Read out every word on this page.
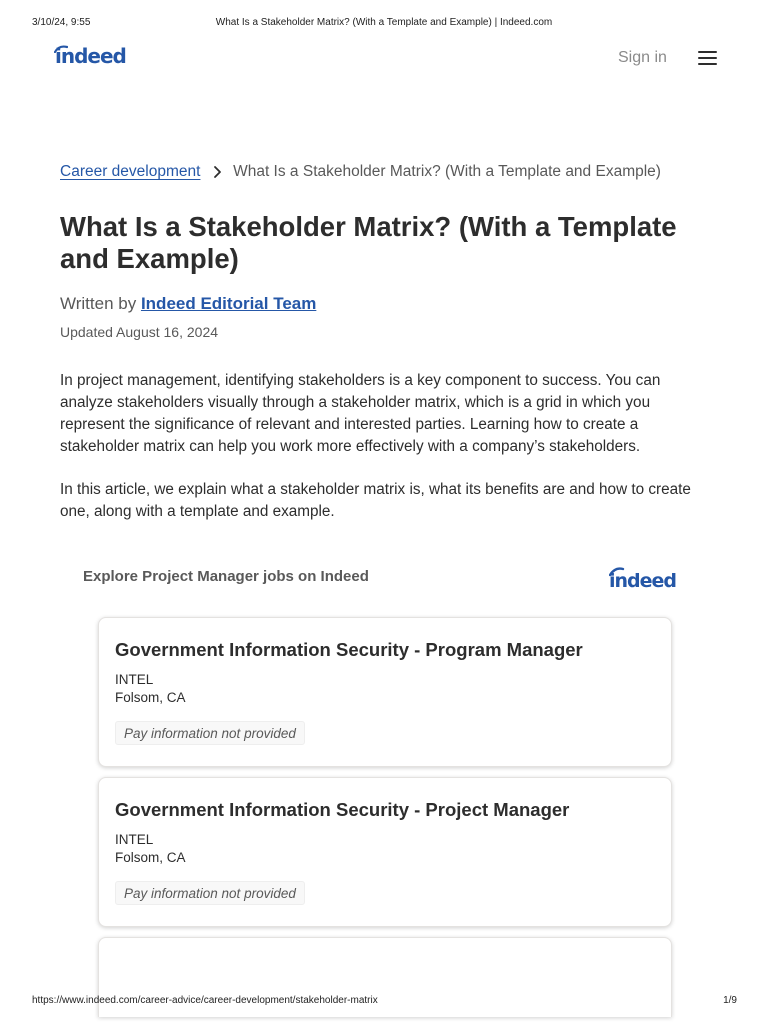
3/10/24, 9:55	What Is a Stakeholder Matrix? (With a Template and Example) | Indeed.com
indeed	Sign in
Career development What Is a Stakeholder Matrix? (With a Template and Example)
What Is a Stakeholder Matrix? (With a Template and Example)
Written by Indeed Editorial Team
Updated August 16, 2024

In project management, identifying stakeholders is a key component to success. You can analyze stakeholders visually through a stakeholder matrix, which is a grid in which you represent the significance of relevant and interested parties. Learning how to create a stakeholder matrix can help you work more effectively with a company’s stakeholders.

In this article, we explain what a stakeholder matrix is, what its benefits are and how to create one, along with a template and example.

Explore Project Manager jobs on Indeed	indeed
Government Information Security - Program Manager
INTEL
Folsom, CA
Pay information not provided
Government Information Security - Project Manager
INTEL
Folsom, CA
Pay information not provided
https://www.indeed.com/career-advice/career-development/stakeholder-matrix	1/9
